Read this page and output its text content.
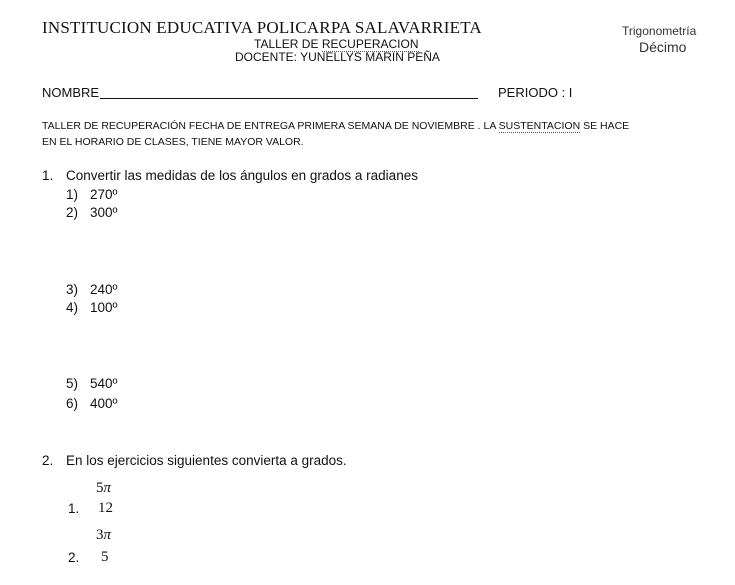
INSTITUCION EDUCATIVA POLICARPA SALAVARRIETA
TALLER DE RECUPERACION
DOCENTE: YUNELLYS MARIN PEÑA
Trigonometría
Décimo
NOMBRE	PERIODO : I
TALLER DE RECUPERACIÓN FECHA DE ENTREGA PRIMERA SEMANA DE NOVIEMBRE . LA SUSTENTACION SE HACE EN EL HORARIO DE CLASES, TIENE MAYOR VALOR.
1. Convertir las medidas de los ángulos en grados a radianes
1) 270º
2) 300º
3) 240º
4) 100º
5) 540º
6) 400º
2. En los ejercicios siguientes convierta a grados.
5π
1. 12
3π
2. 5
